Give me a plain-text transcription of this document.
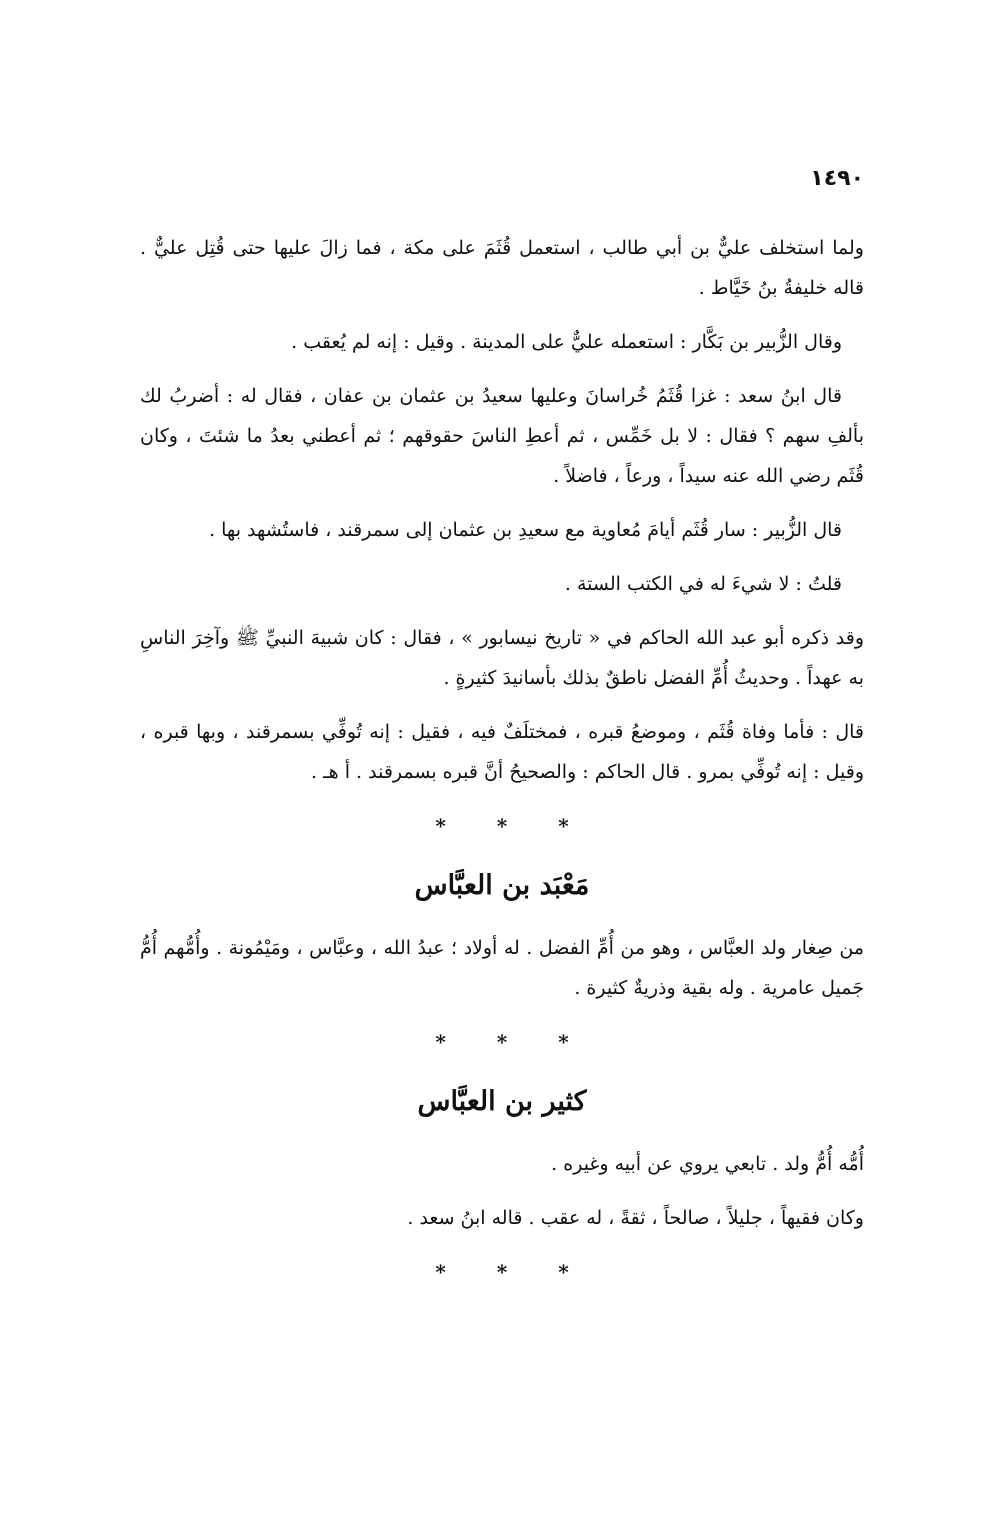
١٤٩٠

ولما استخلف عليٌّ بن أبي طالب ، استعمل قُثَمَ على مكة ، فما زالَ عليها حتى قُتِل عليٌّ . قاله خليفةُ بنُ خَيَّاط .

وقال الزُّبير بن بَكَّار : استعمله عليٌّ على المدينة . وقيل : إنه لم يُعقب .

قال ابنُ سعد : غزا قُثَمُ خُراسانَ وعليها سعيدُ بن عثمان بن عفان ، فقال له : أضربُ لك بألفِ سهم ؟ فقال : لا بل خَمِّس ، ثم أعطِ الناسَ حقوقهم ؛ ثم أعطني بعدُ ما شئتَ ، وكان قُثَم رضي الله عنه سيداً ، ورعاً ، فاضلاً .

قال الزُّبير : سار قُثَم أيامَ مُعاوية مع سعيدِ بن عثمان إلى سمرقند ، فاستُشهد بها .

قلتُ : لا شيءَ له في الكتب الستة .

وقد ذكره أبو عبد الله الحاكم في « تاريخ نيسابور » ، فقال : كان شبيهَ النبيِّ ﷺ وآخِرَ الناسِ به عهداً . وحديثُ أُمِّ الفضل ناطقٌ بذلك بأسانيدَ كثيرةٍ .

قال : فأما وفاة قُثَم ، وموضعُ قبره ، فمختلَفٌ فيه ، فقيل : إنه تُوفِّي بسمرقند ، وبها قبره ، وقيل : إنه تُوفِّي بمرو . قال الحاكم : والصحيحُ أنَّ قبره بسمرقند . أ هـ .

* * *
مَعْبَد بن العبَّاس

من صِغار ولد العبَّاس ، وهو من أُمِّ الفضل . له أولاد ؛ عبدُ الله ، وعبَّاس ، ومَيْمُونة . وأُمُّهم أُمُّ جَميل عامرية . وله بقية وذريةٌ كثيرة .

* * *
كثير بن العبَّاس

أُمُّه أُمُّ ولد . تابعي يروي عن أبيه وغيره .

وكان فقيهاً ، جليلاً ، صالحاً ، ثقةً ، له عقب . قاله ابنُ سعد .

* * *
